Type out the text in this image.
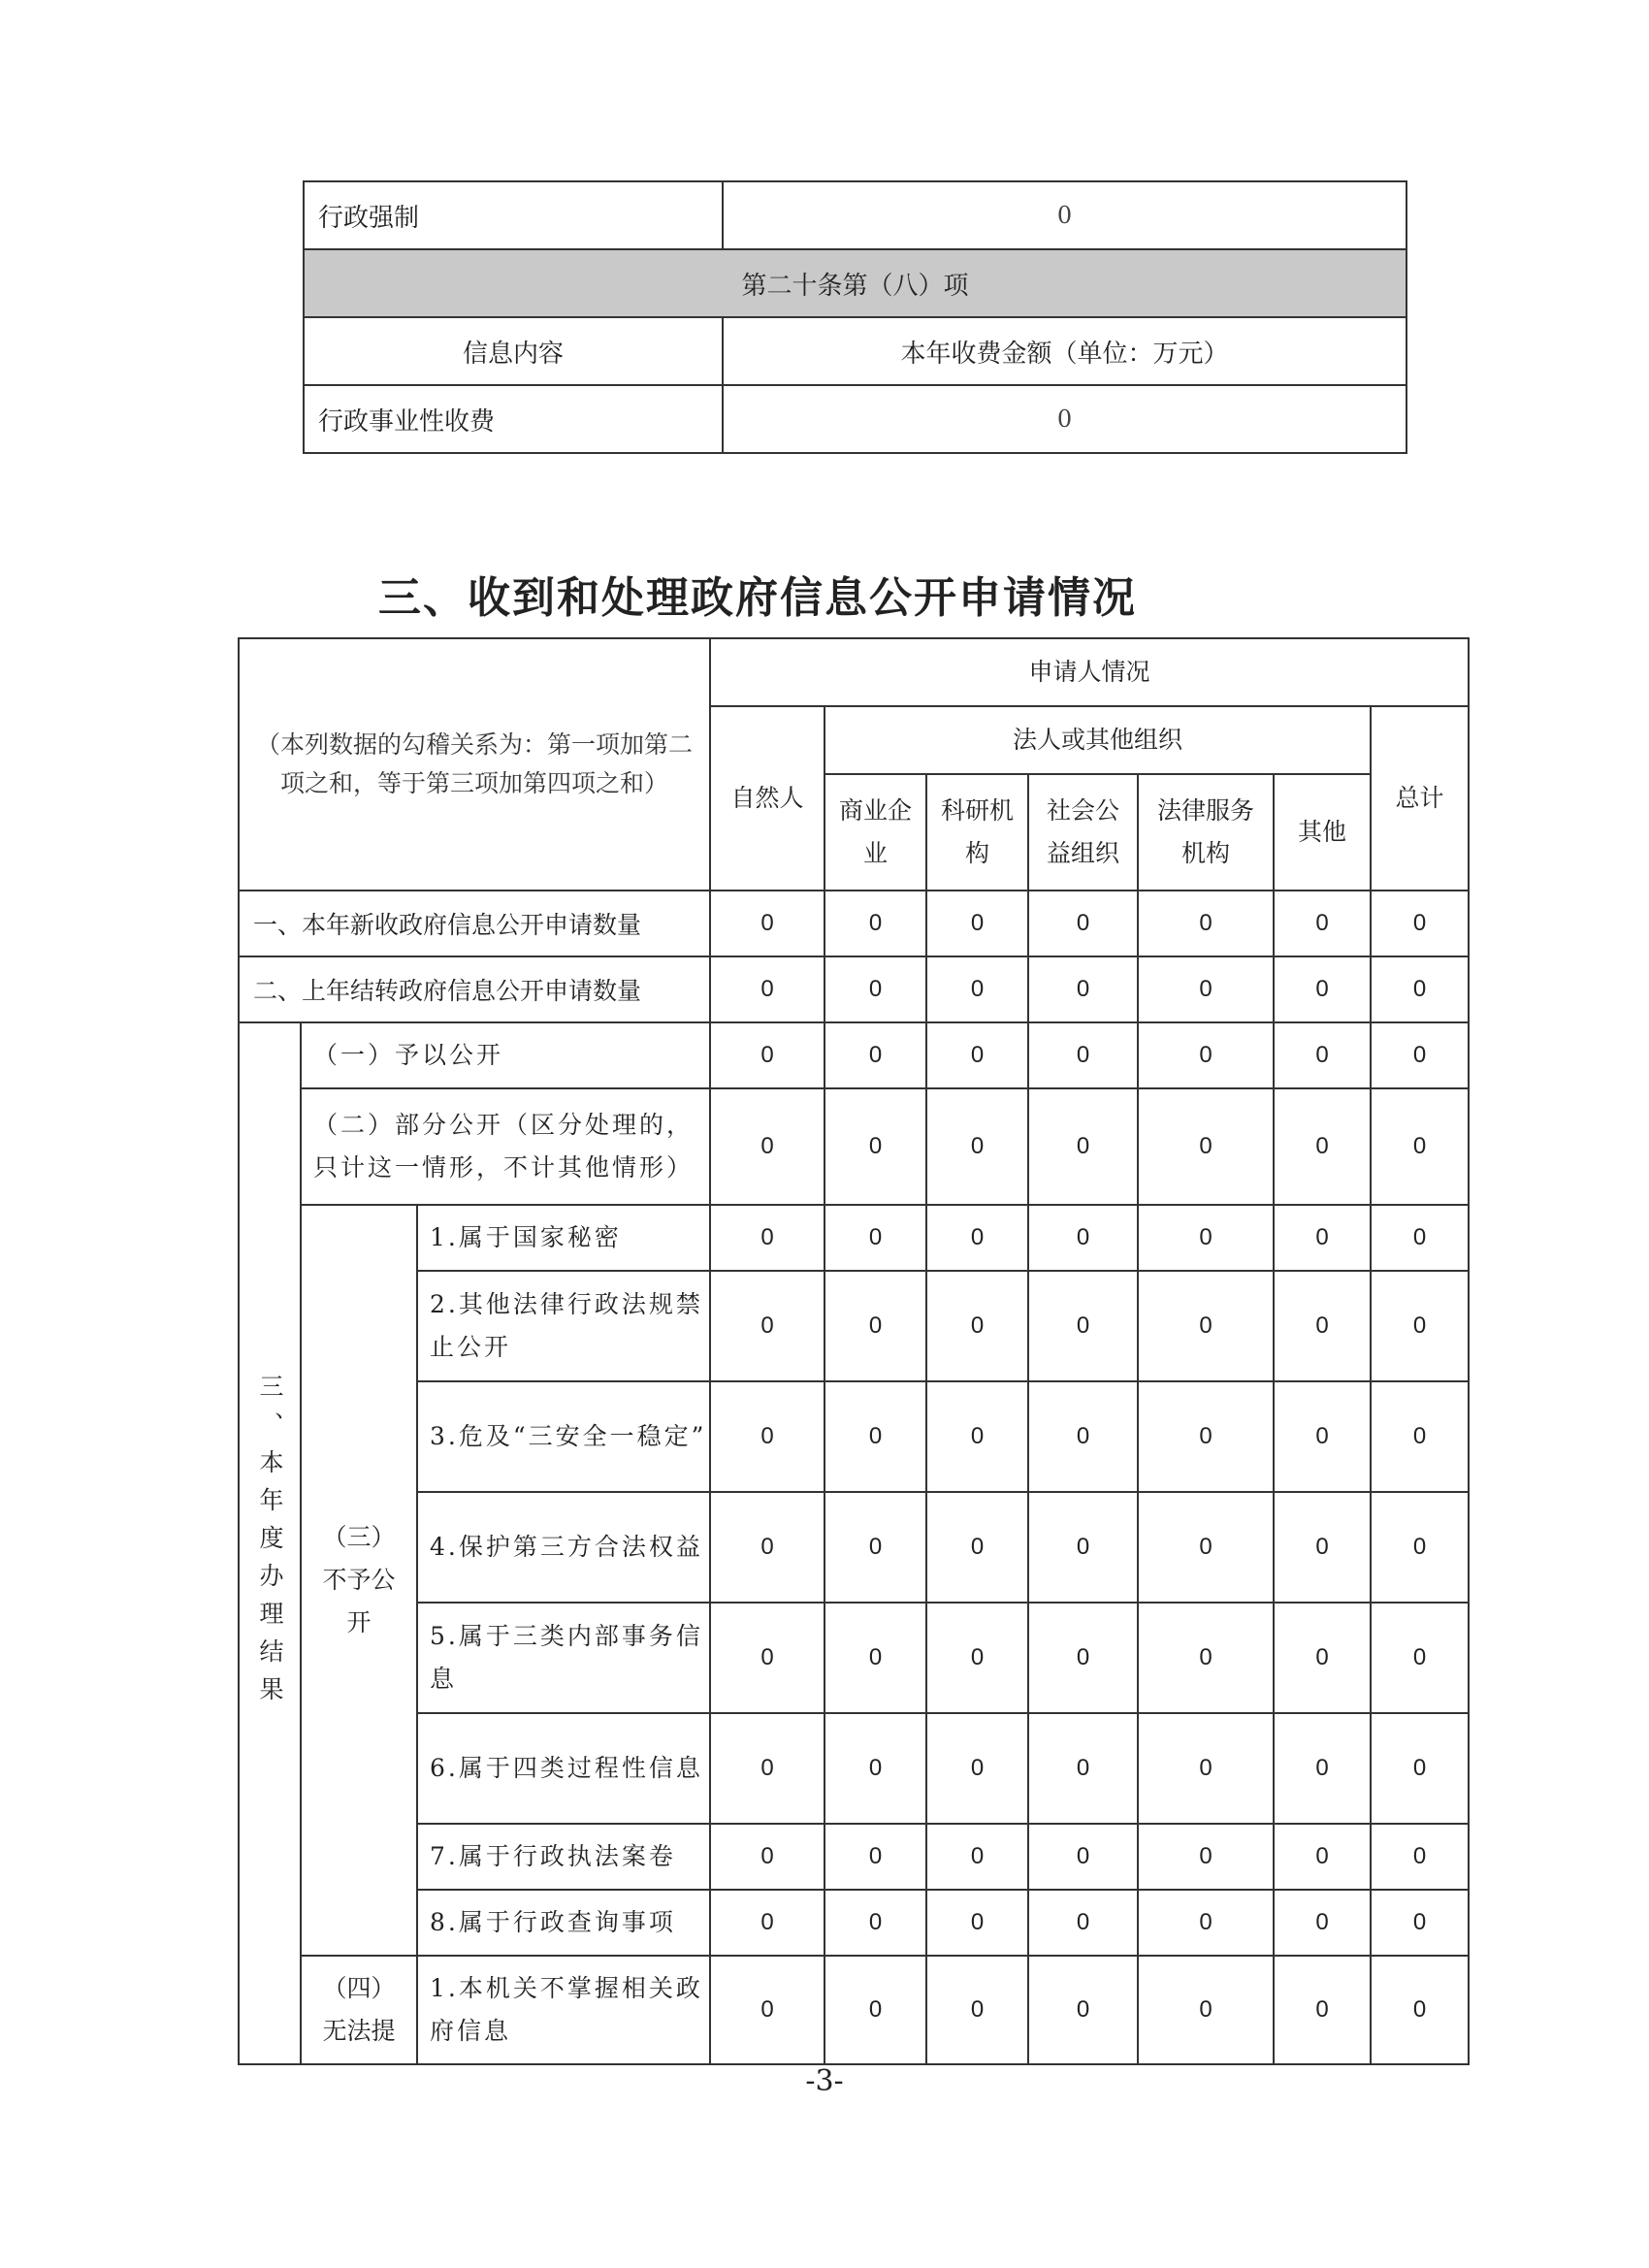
行政强制	0
第二十条第（八）项	
信息内容	本年收费金额（单位：万元）
行政事业性收费	0
三、收到和处理政府信息公开申请情况
（本列数据的勾稽关系为：第一项加第二项之和，等于第三项加第四项之和）			申请人情况						
			自然人	法人或其他组织					总计
				商业企业	科研机构	社会公益组织	法律服务机构	其他	
一、本年新收政府信息公开申请数量			0	0	0	0	0	0	0
二、上年结转政府信息公开申请数量			0	0	0	0	0	0	0
三、本年度办理结果	（一）予以公开		0	0	0	0	0	0	0
	（二）部分公开（区分处理的，只计这一情形，不计其他情形）		0	0	0	0	0	0	0
	（三）不予公开	1.属于国家秘密	0	0	0	0	0	0	0
		2.其他法律行政法规禁止公开	0	0	0	0	0	0	0
		3.危及“三安全一稳定”	0	0	0	0	0	0	0
		4.保护第三方合法权益	0	0	0	0	0	0	0
		5.属于三类内部事务信息	0	0	0	0	0	0	0
		6.属于四类过程性信息	0	0	0	0	0	0	0
		7.属于行政执法案卷	0	0	0	0	0	0	0
		8.属于行政查询事项	0	0	0	0	0	0	0
	（四）无法提	1.本机关不掌握相关政府信息	0	0	0	0	0	0	0
-3-
